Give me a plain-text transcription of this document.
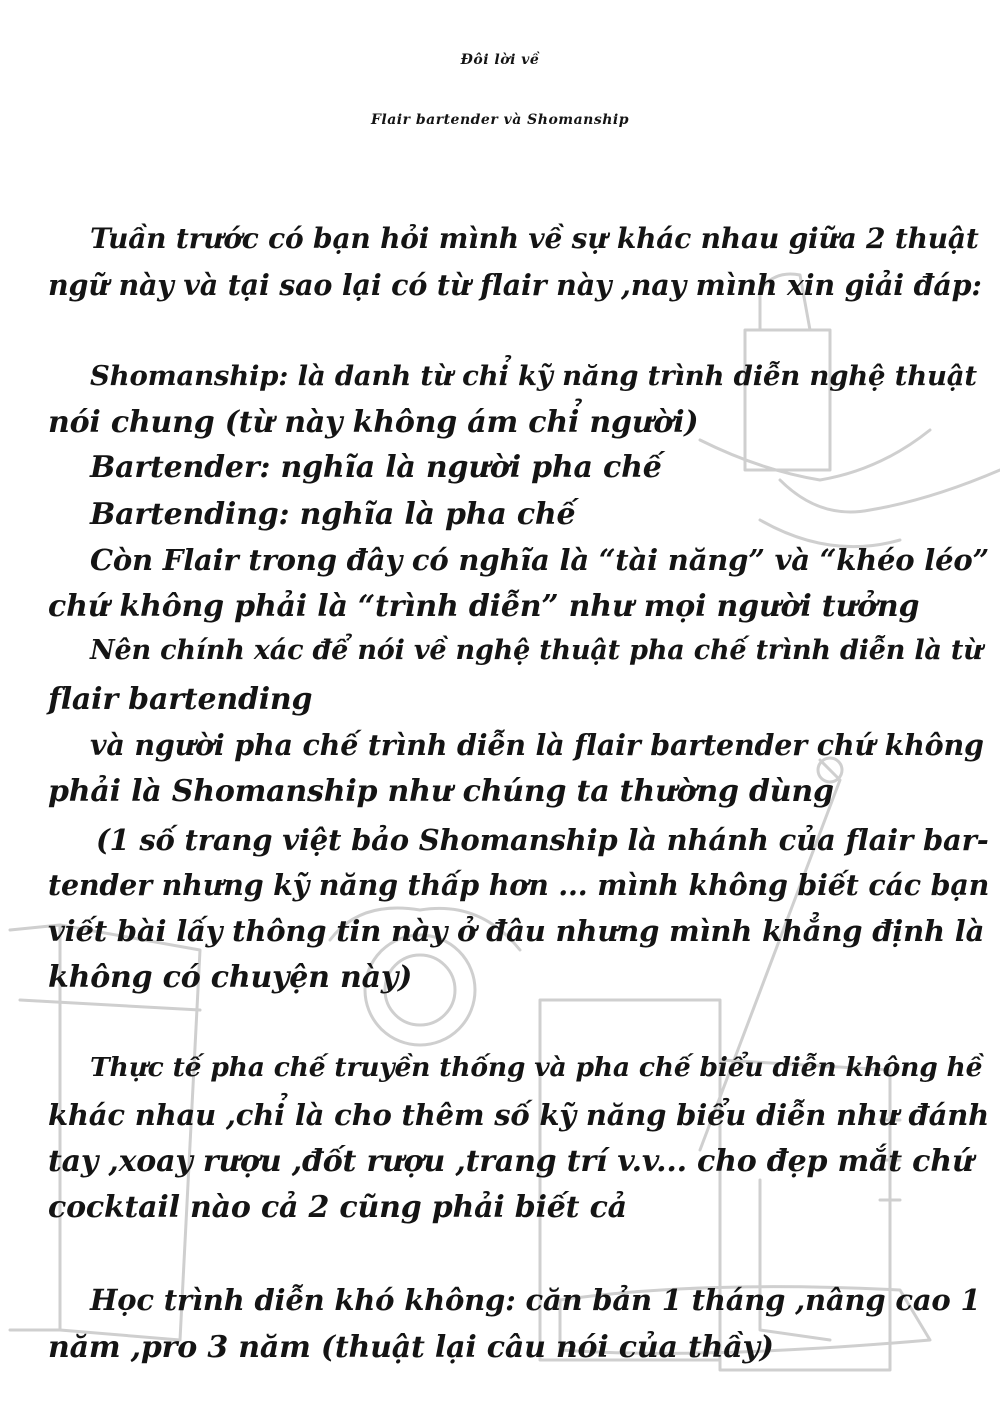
Đôi lời về
Flair bartender và Shomanship
Tuần trước có bạn hỏi mình về sự khác nhau giữa 2 thuật
ngữ này và tại sao lại có từ flair này ,nay mình xin giải đáp:
Shomanship: là danh từ chỉ kỹ năng trình diễn nghệ thuật
nói chung (từ này không ám chỉ người)
Bartender: nghĩa là người pha chế
Bartending: nghĩa là pha chế
Còn Flair trong đây có nghĩa là “tài năng” và “khéo léo”
chứ không phải là “trình diễn” như mọi người tưởng
Nên chính xác để nói về nghệ thuật pha chế trình diễn là từ
flair bartending
và người pha chế trình diễn là flair bartender chứ không
phải là Shomanship như chúng ta thường dùng
(1 số trang việt bảo Shomanship là nhánh của flair bar-
tender nhưng kỹ năng thấp hơn ... mình không biết các bạn
viết bài lấy thông tin này ở đâu nhưng mình khẳng định là
không có chuyện này)
Thực tế pha chế truyền thống và pha chế biểu diễn không hề
khác nhau ,chỉ là cho thêm số kỹ năng biểu diễn như đánh
tay ,xoay rượu ,đốt rượu ,trang trí v.v... cho đẹp mắt chứ
cocktail nào cả 2 cũng phải biết cả
Học trình diễn khó không: căn bản 1 tháng ,nâng cao 1
năm ,pro 3 năm (thuật lại câu nói của thầy)
